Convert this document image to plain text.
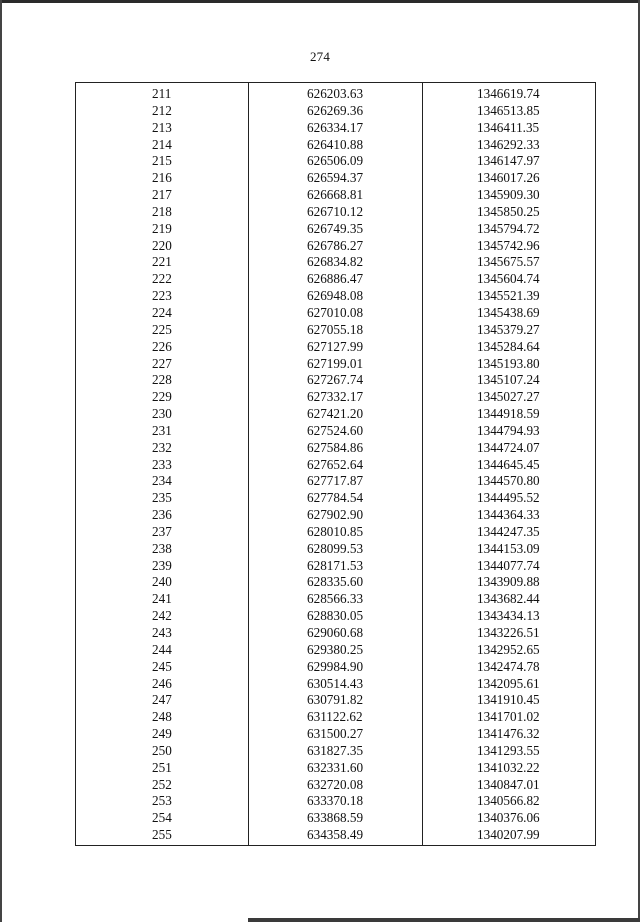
274
211
212
213
214
215
216
217
218
219
220
221
222
223
224
225
226
227
228
229
230
231
232
233
234
235
236
237
238
239
240
241
242
243
244
245
246
247
248
249
250
251
252
253
254
255
626203.63
626269.36
626334.17
626410.88
626506.09
626594.37
626668.81
626710.12
626749.35
626786.27
626834.82
626886.47
626948.08
627010.08
627055.18
627127.99
627199.01
627267.74
627332.17
627421.20
627524.60
627584.86
627652.64
627717.87
627784.54
627902.90
628010.85
628099.53
628171.53
628335.60
628566.33
628830.05
629060.68
629380.25
629984.90
630514.43
630791.82
631122.62
631500.27
631827.35
632331.60
632720.08
633370.18
633868.59
634358.49
1346619.74
1346513.85
1346411.35
1346292.33
1346147.97
1346017.26
1345909.30
1345850.25
1345794.72
1345742.96
1345675.57
1345604.74
1345521.39
1345438.69
1345379.27
1345284.64
1345193.80
1345107.24
1345027.27
1344918.59
1344794.93
1344724.07
1344645.45
1344570.80
1344495.52
1344364.33
1344247.35
1344153.09
1344077.74
1343909.88
1343682.44
1343434.13
1343226.51
1342952.65
1342474.78
1342095.61
1341910.45
1341701.02
1341476.32
1341293.55
1341032.22
1340847.01
1340566.82
1340376.06
1340207.99
